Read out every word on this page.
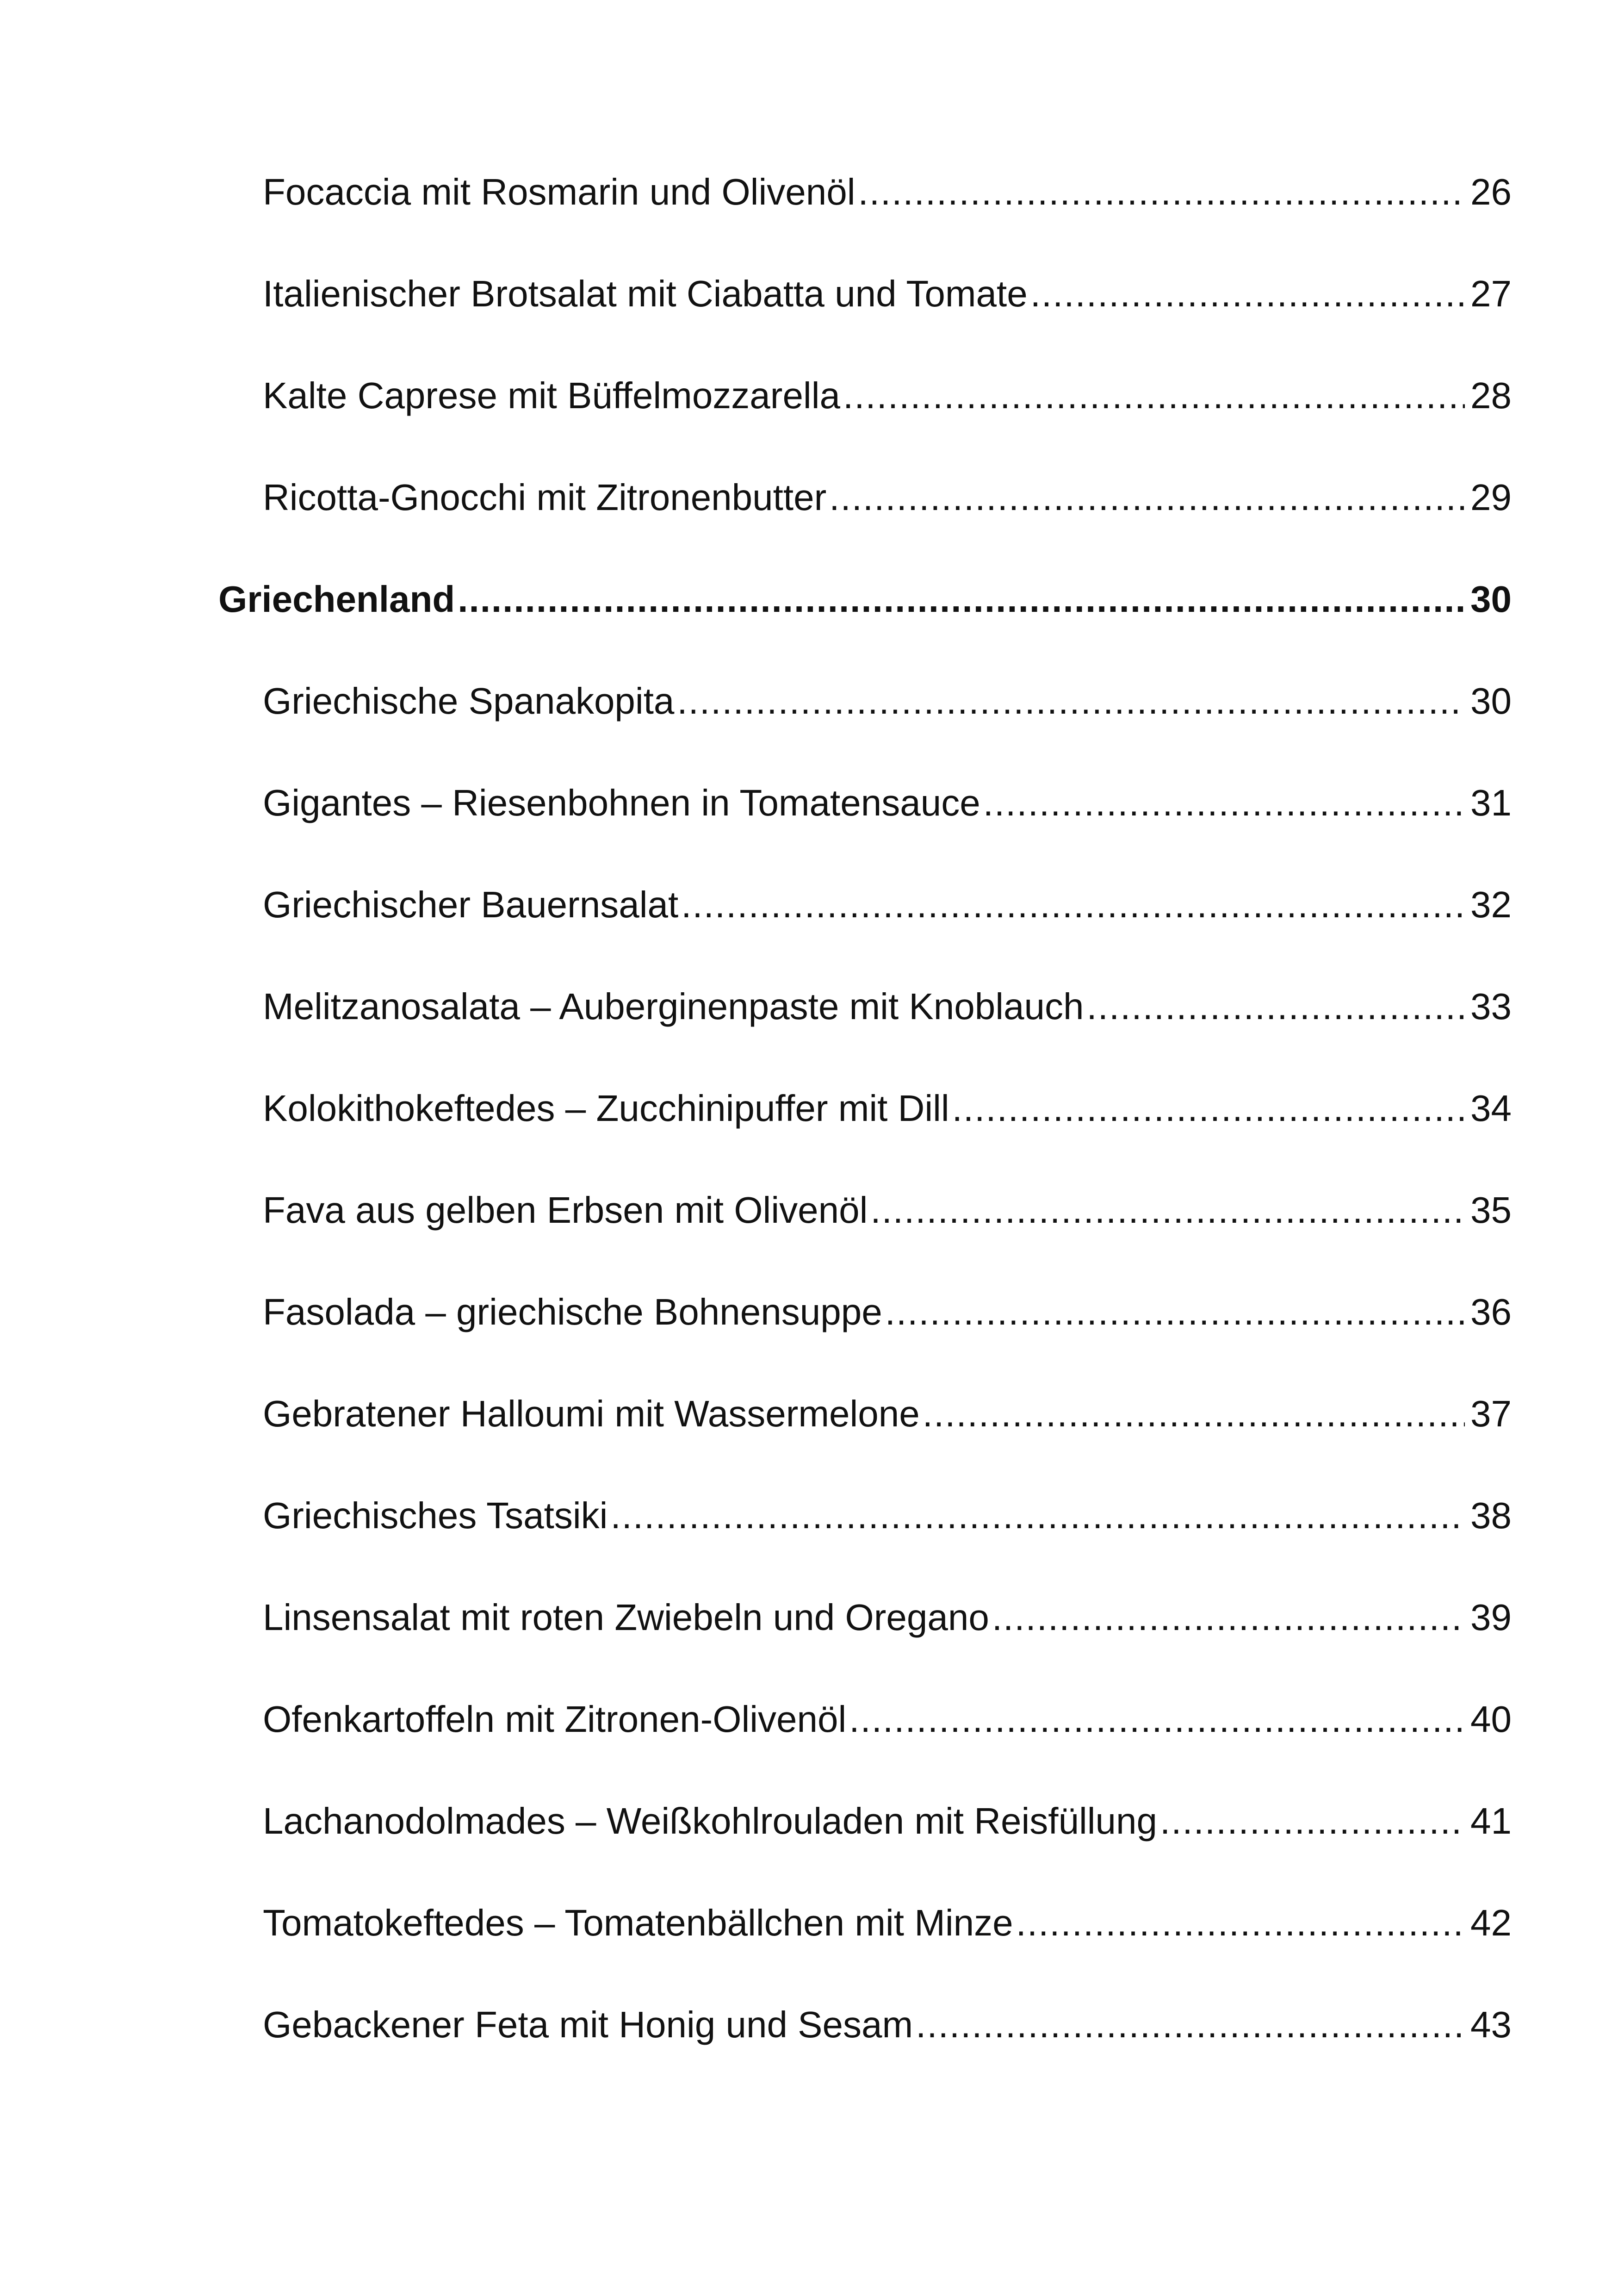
Focaccia mit Rosmarin und Olivenöl .....	26
Italienischer Brotsalat mit Ciabatta und Tomate .....	27
Kalte Caprese mit Büffelmozzarella .....	28
Ricotta-Gnocchi mit Zitronenbutter .....	29
Griechenland .....	30
Griechische Spanakopita .....	30
Gigantes – Riesenbohnen in Tomatensauce .....	31
Griechischer Bauernsalat .....	32
Melitzanosalata – Auberginenpaste mit Knoblauch .....	33
Kolokithokeftedes – Zucchinipuffer mit Dill .....	34
Fava aus gelben Erbsen mit Olivenöl .....	35
Fasolada – griechische Bohnensuppe .....	36
Gebratener Halloumi mit Wassermelone .....	37
Griechisches Tsatsiki .....	38
Linsensalat mit roten Zwiebeln und Oregano .....	39
Ofenkartoffeln mit Zitronen-Olivenöl .....	40
Lachanodolmades – Weißkohlrouladen mit Reisfüllung .....	41
Tomatokeftedes – Tomatenbällchen mit Minze .....	42
Gebackener Feta mit Honig und Sesam .....	43
